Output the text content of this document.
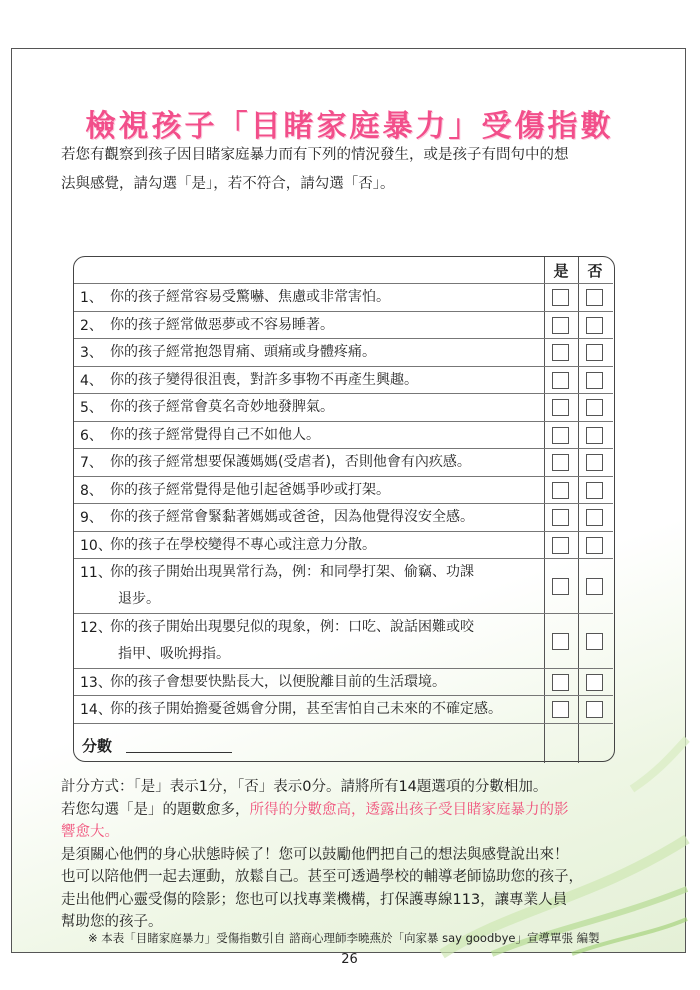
檢視孩子「目睹家庭暴力」受傷指數
若您有觀察到孩子因目睹家庭暴力而有下列的情況發生，或是孩子有問句中的想
法與感覺，請勾選「是」，若不符合，請勾選「否」。
是	否
1、 你的孩子經常容易受驚嚇、焦慮或非常害怕。
2、 你的孩子經常做惡夢或不容易睡著。
3、 你的孩子經常抱怨胃痛、頭痛或身體疼痛。
4、 你的孩子變得很沮喪，對許多事物不再產生興趣。
5、 你的孩子經常會莫名奇妙地發脾氣。
6、 你的孩子經常覺得自己不如他人。
7、 你的孩子經常想要保護媽媽(受虐者)，否則他會有內疚感。
8、 你的孩子經常覺得是他引起爸媽爭吵或打架。
9、 你的孩子經常會緊黏著媽媽或爸爸，因為他覺得沒安全感。
10、
你的孩子在學校變得不專心或注意力分散。
11、
你的孩子開始出現異常行為，例：和同學打架、偷竊、功課
退步。
12、
你的孩子開始出現嬰兒似的現象，例：口吃、說話困難或咬
指甲、吸吮拇指。
13、
你的孩子會想要快點長大，以便脫離目前的生活環境。
14、
你的孩子開始擔憂爸媽會分開，甚至害怕自己未來的不確定感。
分數
計分方式：「是」表示1分，「否」表示0分。請將所有14題選項的分數相加。
若您勾選「是」的題數愈多，所得的分數愈高，透露出孩子受目睹家庭暴力的影
響愈大。
是須關心他們的身心狀態時候了！您可以鼓勵他們把自己的想法與感覺說出來！
也可以陪他們一起去運動，放鬆自己。甚至可透過學校的輔導老師協助您的孩子，
走出他們心靈受傷的陰影；您也可以找專業機構，打保護專線113，讓專業人員
幫助您的孩子。
※ 本表「目睹家庭暴力」受傷指數引自 諮商心理師李曉燕於「向家暴 say goodbye」宣導單張 編製
26
